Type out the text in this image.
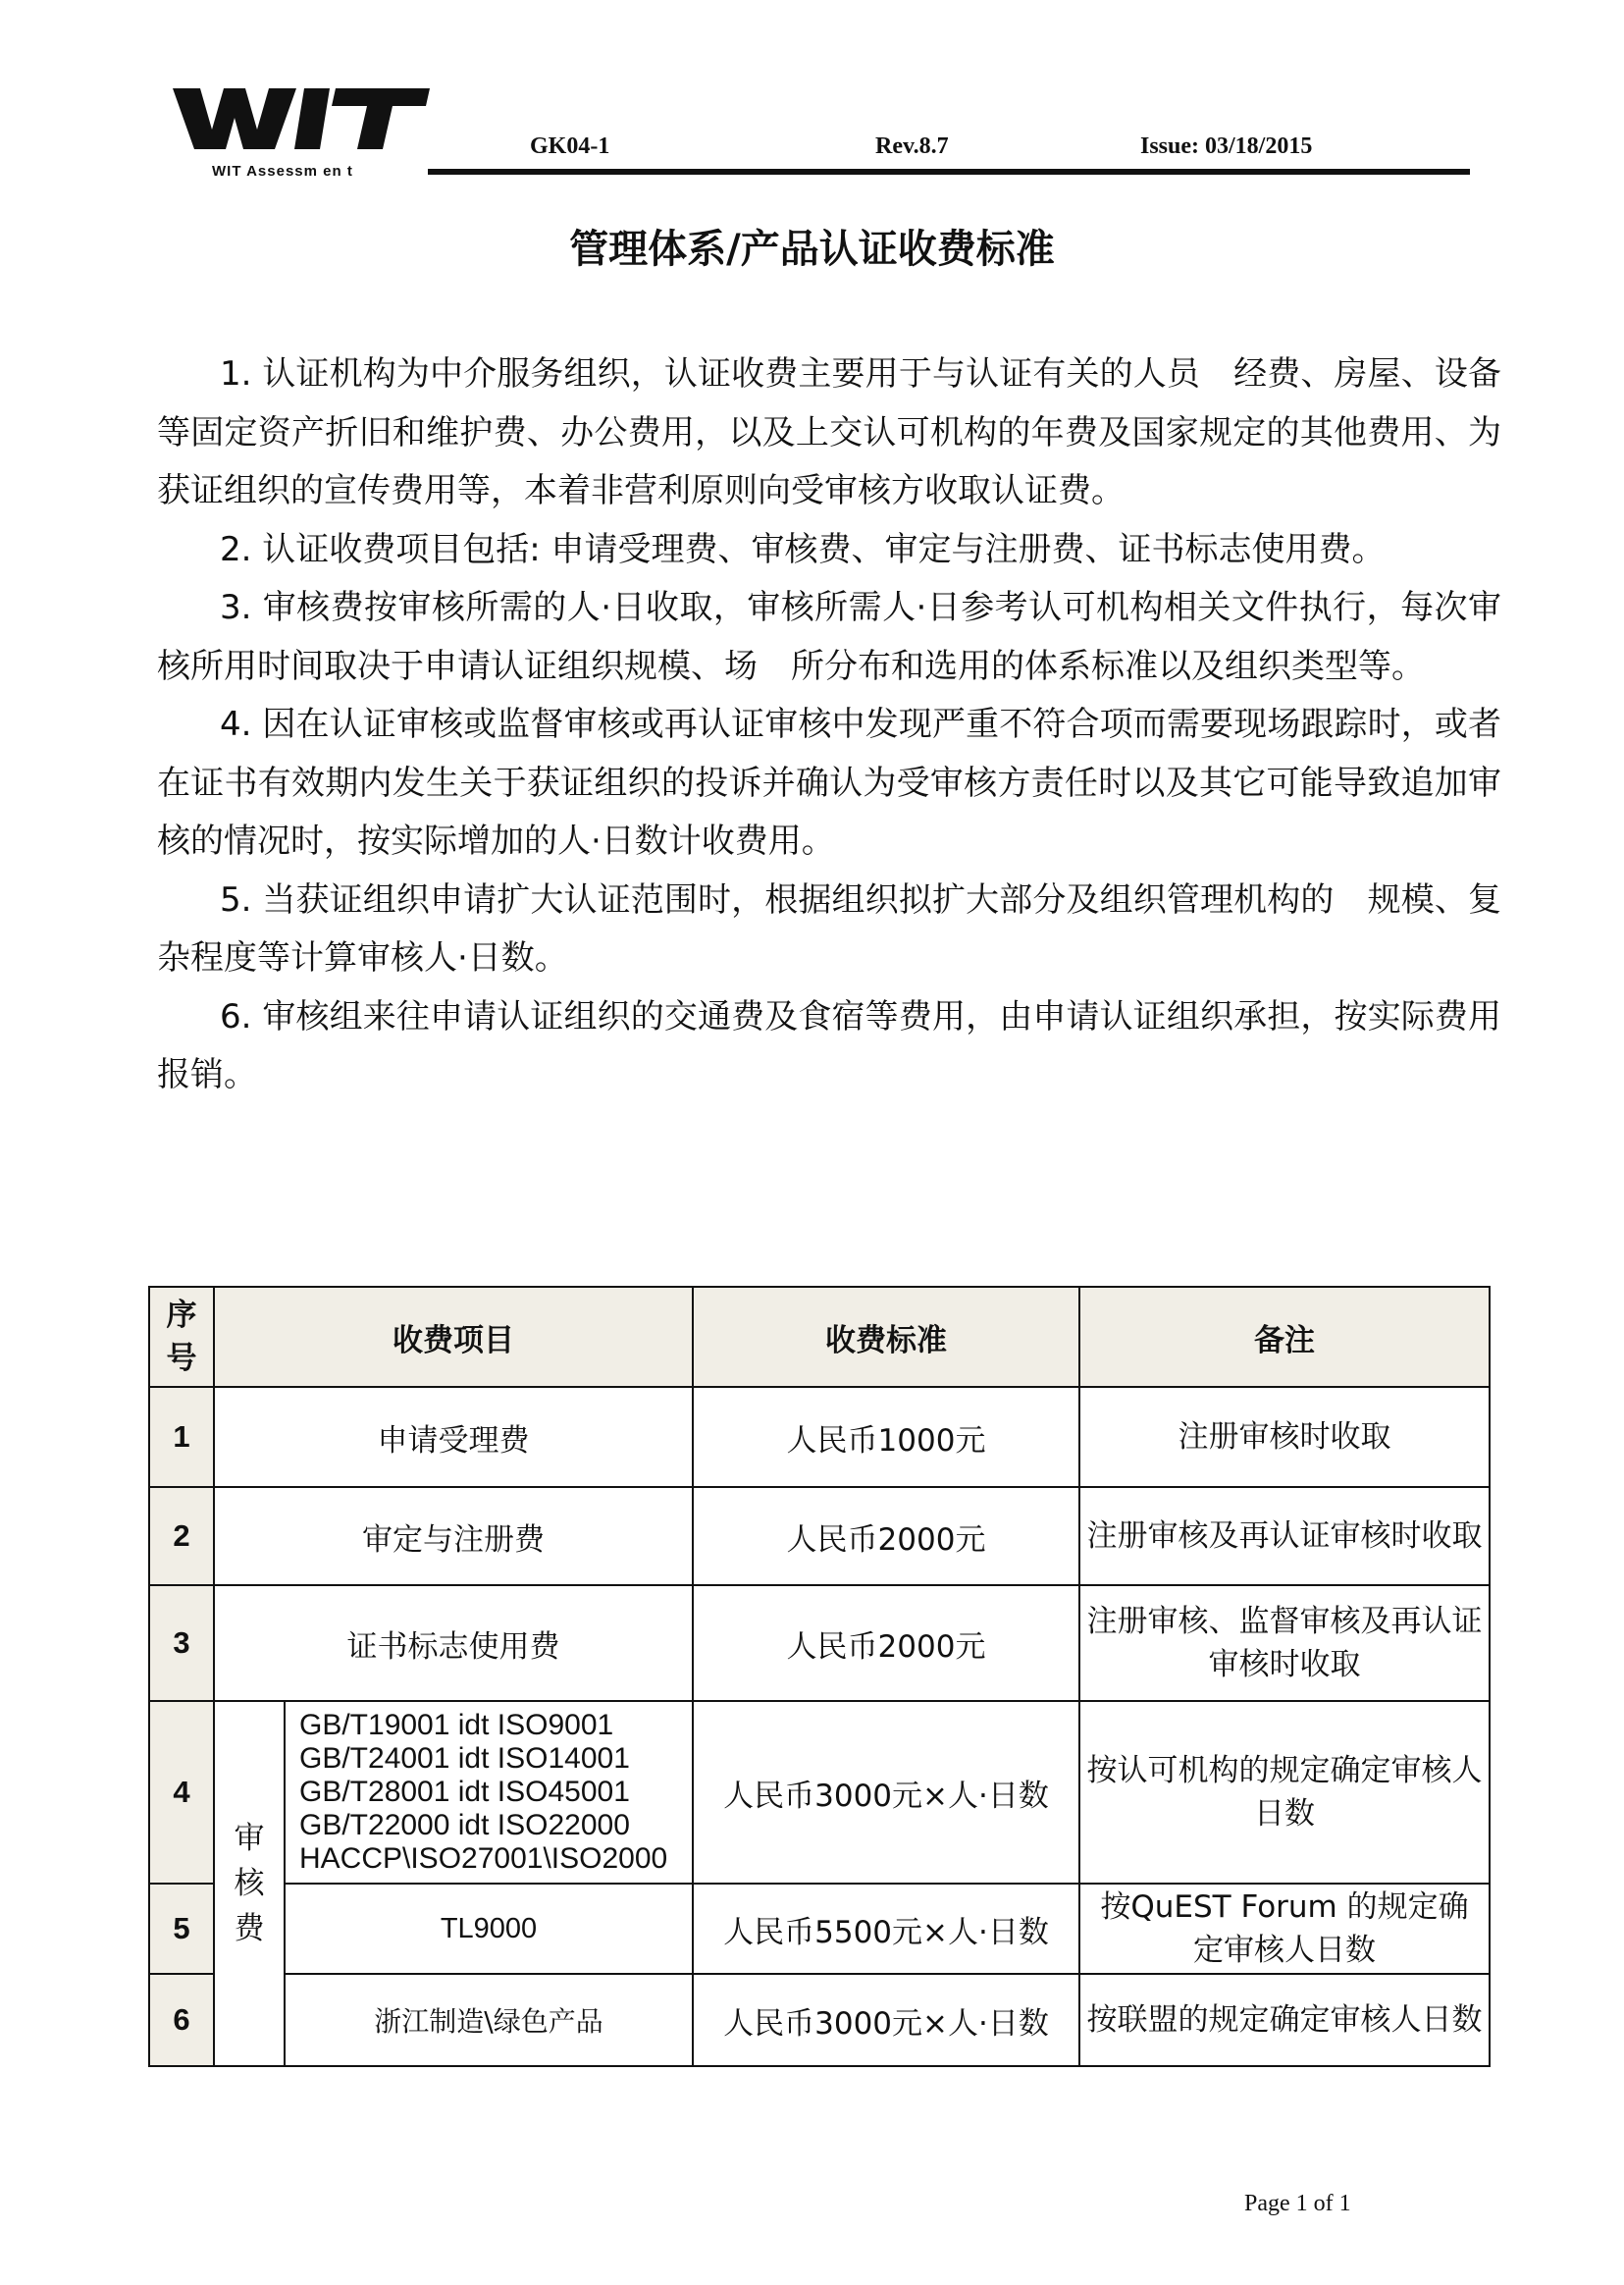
WIT Assessm en t
GK04-1	Rev.8.7	Issue: 03/18/2015
管理体系/产品认证收费标准

1. 认证机构为中介服务组织，认证收费主要用于与认证有关的人员　经费、房屋、设备等固定资产折旧和维护费、办公费用，以及上交认可机构的年费及国家规定的其他费用、为获证组织的宣传费用等，本着非营利原则向受审核方收取认证费。

2. 认证收费项目包括: 申请受理费、审核费、审定与注册费、证书标志使用费。

3. 审核费按审核所需的人·日收取，审核所需人·日参考认可机构相关文件执行，每次审核所用时间取决于申请认证组织规模、场　所分布和选用的体系标准以及组织类型等。

4. 因在认证审核或监督审核或再认证审核中发现严重不符合项而需要现场跟踪时，或者在证书有效期内发生关于获证组织的投诉并确认为受审核方责任时以及其它可能导致追加审核的情况时，按实际增加的人·日数计收费用。

5. 当获证组织申请扩大认证范围时，根据组织拟扩大部分及组织管理机构的　规模、复杂程度等计算审核人·日数。

6. 审核组来往申请认证组织的交通费及食宿等费用，由申请认证组织承担，按实际费用报销。

序号	收费项目		收费标准	备注
1	申请受理费		人民币1000元	注册审核时收取
2	审定与注册费		人民币2000元	注册审核及再认证审核时收取
3	证书标志使用费		人民币2000元	注册审核、监督审核及再认证审核时收取
4	审核费	GB/T19001 idt ISO9001
GB/T24001 idt ISO14001
GB/T28001 idt ISO45001
GB/T22000 idt ISO22000
HACCP\ISO27001\ISO2000	人民币3000元×人·日数	按认可机构的规定确定审核人日数
5		TL9000	人民币5500元×人·日数	按QuEST Forum 的规定确定审核人日数
6		浙江制造\绿色产品	人民币3000元×人·日数	按联盟的规定确定审核人日数
Page 1 of 1
